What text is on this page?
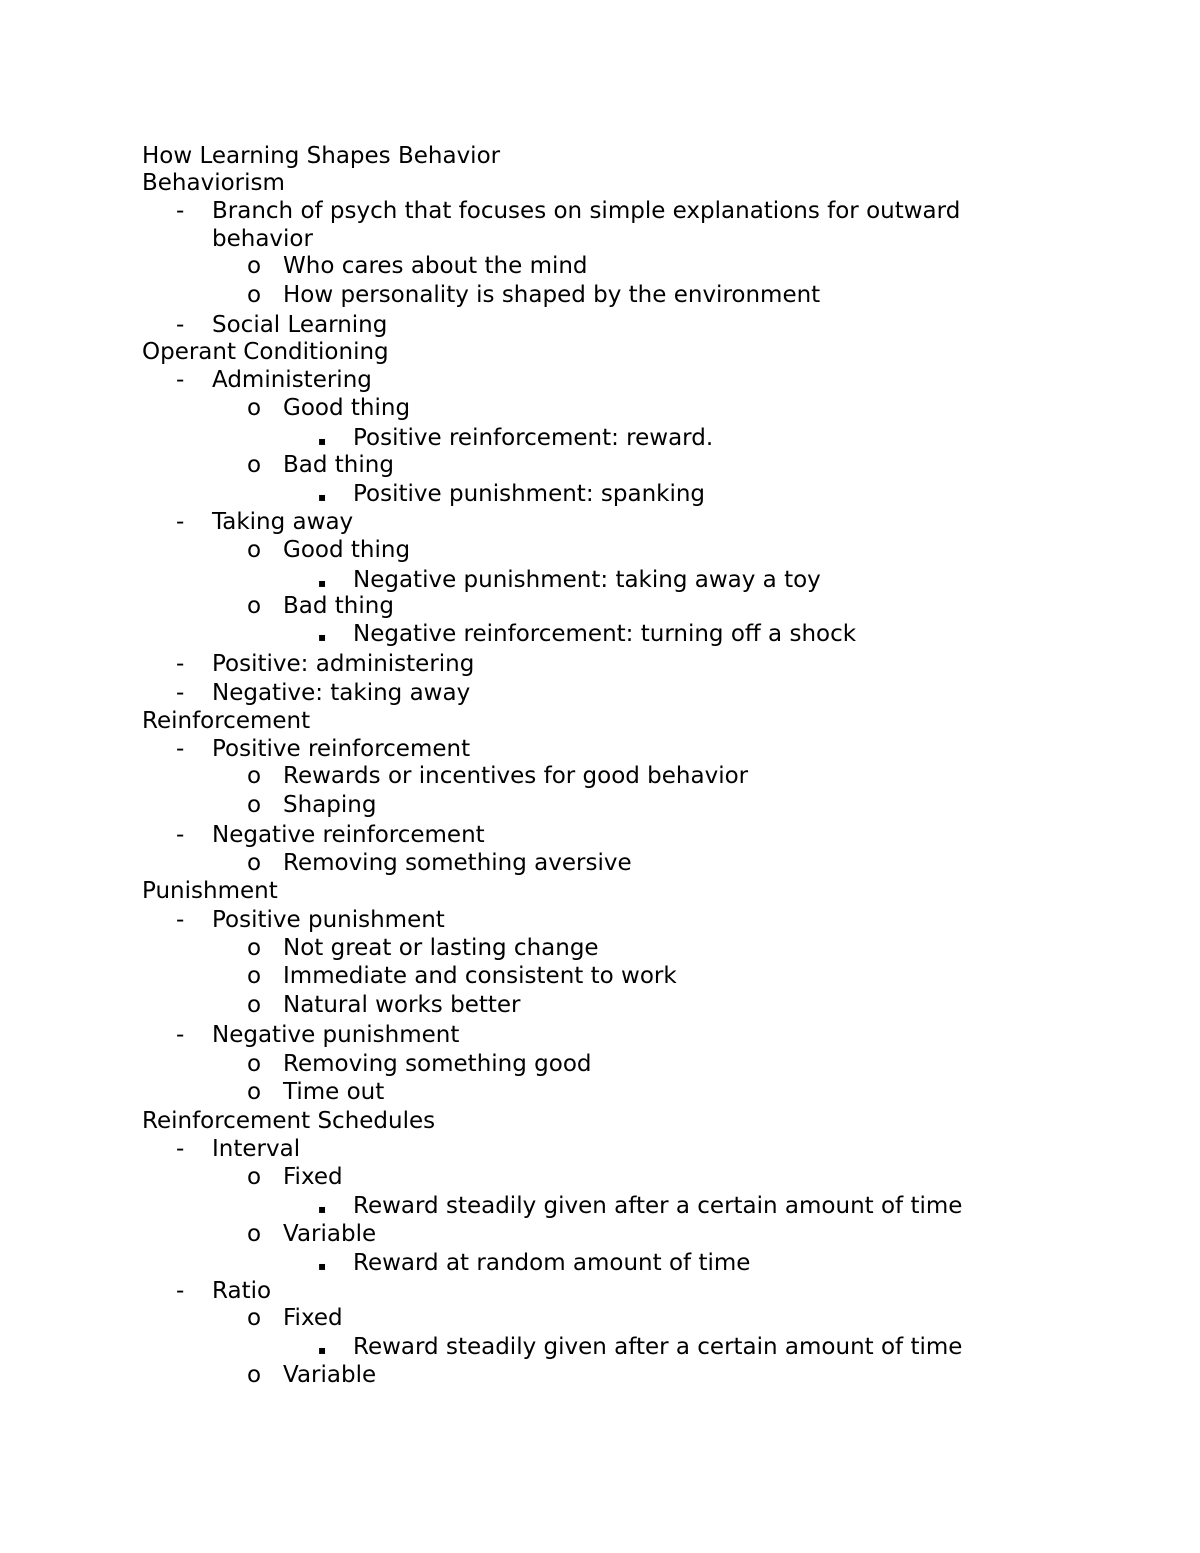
How Learning Shapes Behavior
Behaviorism
- Branch of psych that focuses on simple explanations for outward behavior
o Who cares about the mind
o How personality is shaped by the environment
- Social Learning
Operant Conditioning
- Administering
o Good thing
▪ Positive reinforcement: reward.
o Bad thing
▪ Positive punishment: spanking
- Taking away
o Good thing
▪ Negative punishment: taking away a toy
o Bad thing
▪ Negative reinforcement: turning off a shock
- Positive: administering
- Negative: taking away
Reinforcement
- Positive reinforcement
o Rewards or incentives for good behavior
o Shaping
- Negative reinforcement
o Removing something aversive
Punishment
- Positive punishment
o Not great or lasting change
o Immediate and consistent to work
o Natural works better
- Negative punishment
o Removing something good
o Time out
Reinforcement Schedules
- Interval
o Fixed
▪ Reward steadily given after a certain amount of time
o Variable
▪ Reward at random amount of time
- Ratio
o Fixed
▪ Reward steadily given after a certain amount of time
o Variable
